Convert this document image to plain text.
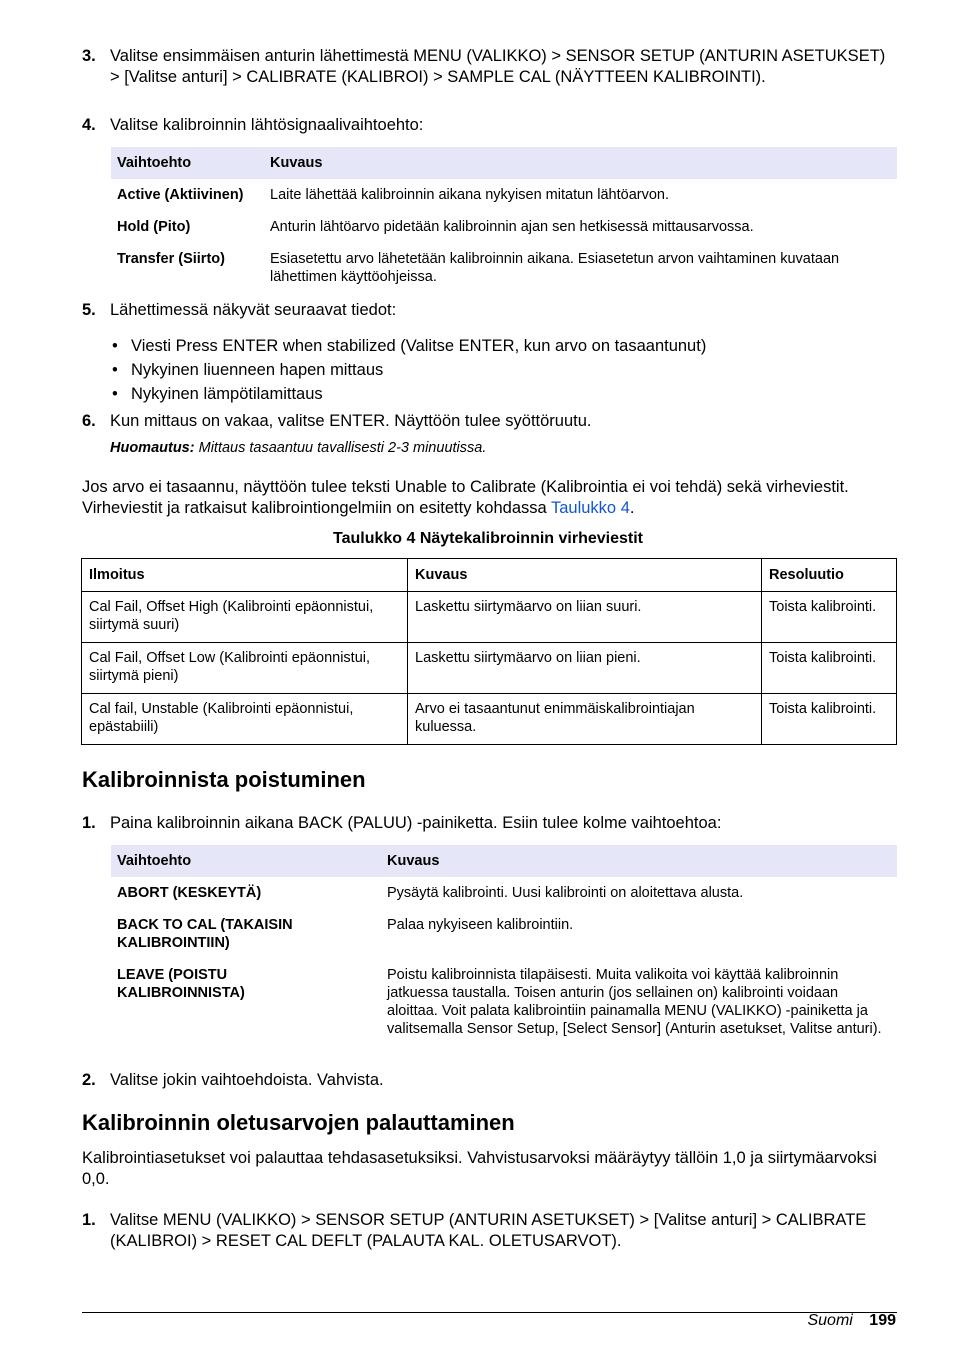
3. Valitse ensimmäisen anturin lähettimestä MENU (VALIKKO) > SENSOR SETUP (ANTURIN ASETUKSET) > [Valitse anturi] > CALIBRATE (KALIBROI) > SAMPLE CAL (NÄYTTEEN KALIBROINTI).
4. Valitse kalibroinnin lähtösignaalivaihtoehto:
Vaihtoehto	Kuvaus
Active (Aktiivinen)	Laite lähettää kalibroinnin aikana nykyisen mitatun lähtöarvon.
Hold (Pito)	Anturin lähtöarvo pidetään kalibroinnin ajan sen hetkisessä mittausarvossa.
Transfer (Siirto)	Esiasetettu arvo lähetetään kalibroinnin aikana. Esiasetetun arvon vaihtaminen kuvataan lähettimen käyttöohjeissa.
5. Lähettimessä näkyvät seuraavat tiedot:
• Viesti Press ENTER when stabilized (Valitse ENTER, kun arvo on tasaantunut)
• Nykyinen liuenneen hapen mittaus
• Nykyinen lämpötilamittaus
6. Kun mittaus on vakaa, valitse ENTER. Näyttöön tulee syöttöruutu.
Huomautus: Mittaus tasaantuu tavallisesti 2-3 minuutissa.
Jos arvo ei tasaannu, näyttöön tulee teksti Unable to Calibrate (Kalibrointia ei voi tehdä) sekä virheviestit. Virheviestit ja ratkaisut kalibrointiongelmiin on esitetty kohdassa Taulukko 4.
Taulukko 4 Näytekalibroinnin virheviestit
Ilmoitus	Kuvaus	Resoluutio
Cal Fail, Offset High (Kalibrointi epäonnistui, siirtymä suuri)	Laskettu siirtymäarvo on liian suuri.	Toista kalibrointi.
Cal Fail, Offset Low (Kalibrointi epäonnistui, siirtymä pieni)	Laskettu siirtymäarvo on liian pieni.	Toista kalibrointi.
Cal fail, Unstable (Kalibrointi epäonnistui, epästabiili)	Arvo ei tasaantunut enimmäiskalibrointiajan kuluessa.	Toista kalibrointi.
Kalibroinnista poistuminen
1. Paina kalibroinnin aikana BACK (PALUU) -painiketta. Esiin tulee kolme vaihtoehtoa:
Vaihtoehto	Kuvaus
ABORT (KESKEYTÄ)	Pysäytä kalibrointi. Uusi kalibrointi on aloitettava alusta.
BACK TO CAL (TAKAISIN KALIBROINTIIN)	Palaa nykyiseen kalibrointiin.
LEAVE (POISTU KALIBROINNISTA)	Poistu kalibroinnista tilapäisesti. Muita valikoita voi käyttää kalibroinnin jatkuessa taustalla. Toisen anturin (jos sellainen on) kalibrointi voidaan aloittaa. Voit palata kalibrointiin painamalla MENU (VALIKKO) -painiketta ja valitsemalla Sensor Setup, [Select Sensor] (Anturin asetukset, Valitse anturi).
2. Valitse jokin vaihtoehdoista. Vahvista.
Kalibroinnin oletusarvojen palauttaminen
Kalibrointiasetukset voi palauttaa tehdasasetuksiksi. Vahvistusarvoksi määräytyy tällöin 1,0 ja siirtymäarvoksi 0,0.
1. Valitse MENU (VALIKKO) > SENSOR SETUP (ANTURIN ASETUKSET) > [Valitse anturi] > CALIBRATE (KALIBROI) > RESET CAL DEFLT (PALAUTA KAL. OLETUSARVOT).
Suomi 199
